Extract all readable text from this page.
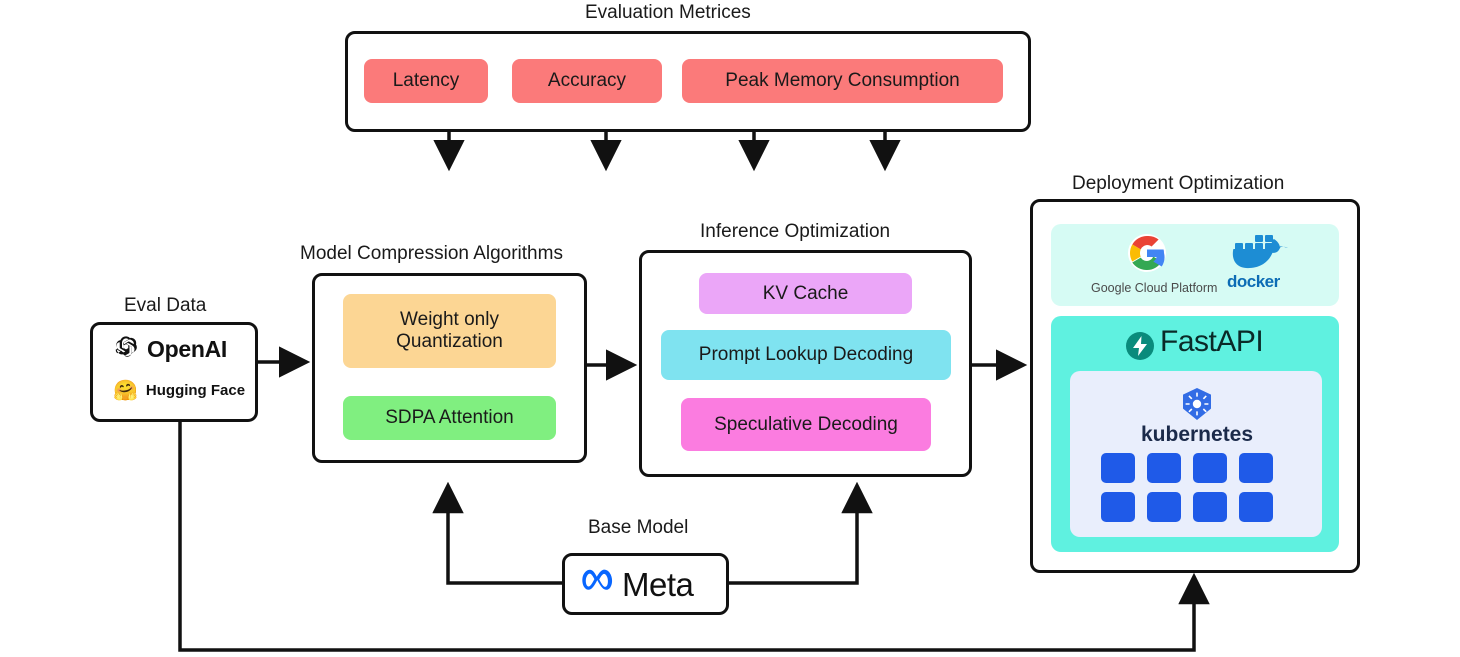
Evaluation Metrices
Latency	Accuracy	Peak Memory Consumption
Eval Data
OpenAI
🤗 Hugging Face
Model Compression Algorithms
Weight only Quantization
SDPA Attention
Inference Optimization
KV Cache
Prompt Lookup Decoding
Speculative Decoding
Base Model
Meta
Deployment Optimization
Google Cloud Platform docker
FastAPI
kubernetes
